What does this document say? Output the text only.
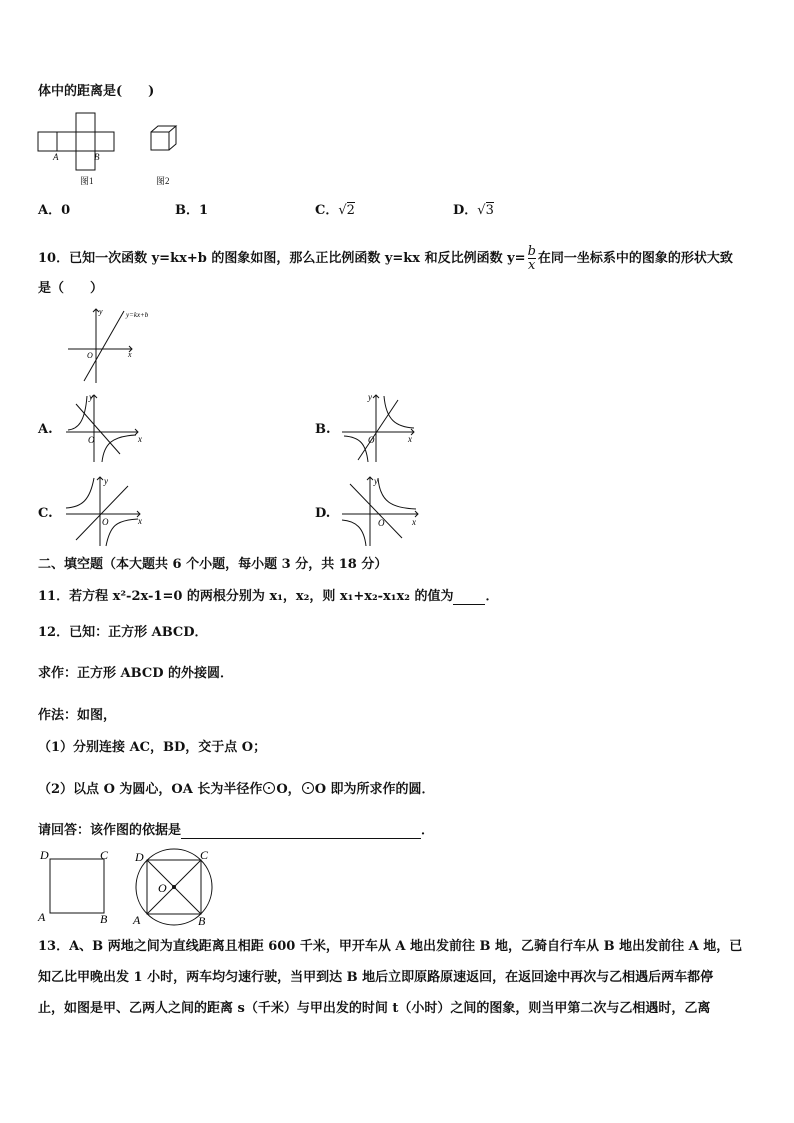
体中的距离是(　　)
A	B
图1	图2
A．0	B．1	C．√2	D．√3
10．已知一次函数 y=kx+b 的图象如图，那么正比例函数 y=kx 和反比例函数 $y= \frac{b}{x}$ 在同一坐标系中的图象的形状大致
是（　　）
y=kx+b
x
y
O
A.
x
y
O
B.
x
y
O
C.	x
y
O
D.
x
y
O
二、填空题（本大题共 6 个小题，每小题 3 分，共 18 分）
11．若方程 x²-2x-1=0 的两根分别为 x₁，x₂，则 x₁+x₂-x₁x₂ 的值为 ．
12．已知：正方形 ABCD．
求作：正方形 ABCD 的外接圆．
作法：如图，
（1）分别连接 AC，BD，交于点 O；
（2）以点 O 为圆心，OA 长为半径作 O， O 即为所求作的圆．
请回答：该作图的依据是	．
D	C
A	B
D	C
A	B
O
13．A、B 两地之间为直线距离且相距 600 千米，甲开车从 A 地出发前往 B 地，乙骑自行车从 B 地出发前往 A 地，已
知乙比甲晚出发 1 小时，两车均匀速行驶，当甲到达 B 地后立即原路原速返回，在返回途中再次与乙相遇后两车都停
止，如图是甲、乙两人之间的距离 s（千米）与甲出发的时间 t（小时）之间的图象，则当甲第二次与乙相遇时，乙离
